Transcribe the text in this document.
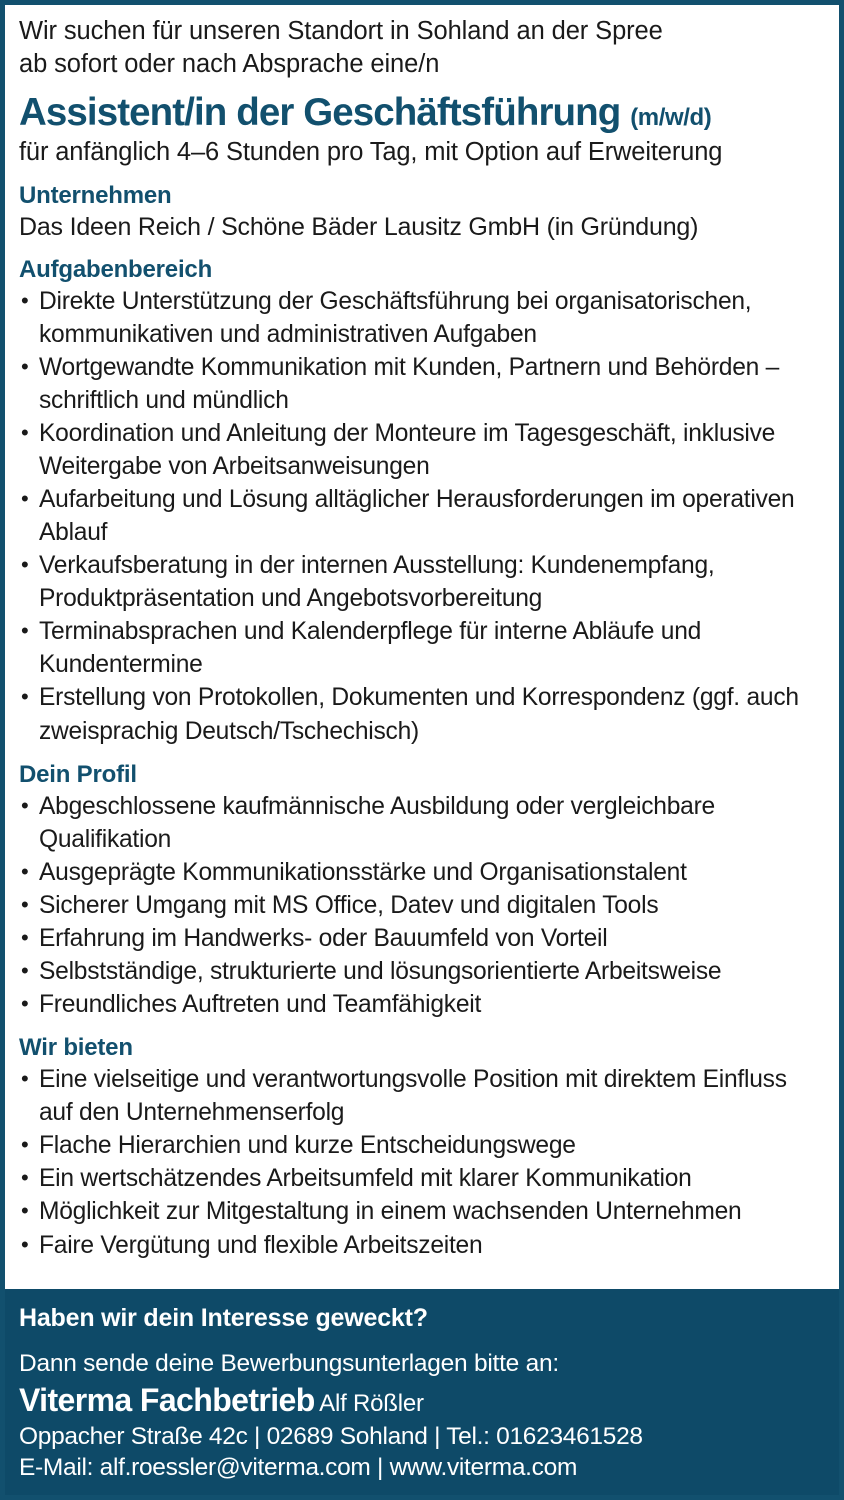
Wir suchen für unseren Standort in Sohland an der Spree
ab sofort oder nach Absprache eine/n
Assistent/in der Geschäftsführung (m/w/d)
für anfänglich 4–6 Stunden pro Tag, mit Option auf Erweiterung
Unternehmen
Das Ideen Reich / Schöne Bäder Lausitz GmbH (in Gründung)
Aufgabenbereich
• Direkte Unterstützung der Geschäftsführung bei organisatorischen, kommunikativen und administrativen Aufgaben
• Wortgewandte Kommunikation mit Kunden, Partnern und Behörden – schriftlich und mündlich
• Koordination und Anleitung der Monteure im Tagesgeschäft, inklusive Weitergabe von Arbeitsanweisungen
• Aufarbeitung und Lösung alltäglicher Herausforderungen im operativen Ablauf
• Verkaufsberatung in der internen Ausstellung: Kundenempfang, Produktpräsentation und Angebotsvorbereitung
• Terminabsprachen und Kalenderpflege für interne Abläufe und Kundentermine
• Erstellung von Protokollen, Dokumenten und Korrespondenz (ggf. auch zweisprachig Deutsch/Tschechisch)
Dein Profil
• Abgeschlossene kaufmännische Ausbildung oder vergleichbare Qualifikation
• Ausgeprägte Kommunikationsstärke und Organisationstalent
• Sicherer Umgang mit MS Office, Datev und digitalen Tools
• Erfahrung im Handwerks- oder Bauumfeld von Vorteil
• Selbstständige, strukturierte und lösungsorientierte Arbeitsweise
• Freundliches Auftreten und Teamfähigkeit
Wir bieten
• Eine vielseitige und verantwortungsvolle Position mit direktem Einfluss auf den Unternehmenserfolg
• Flache Hierarchien und kurze Entscheidungswege
• Ein wertschätzendes Arbeitsumfeld mit klarer Kommunikation
• Möglichkeit zur Mitgestaltung in einem wachsenden Unternehmen
• Faire Vergütung und flexible Arbeitszeiten
Haben wir dein Interesse geweckt?
Dann sende deine Bewerbungsunterlagen bitte an:
Viterma Fachbetrieb Alf Rößler
Oppacher Straße 42c | 02689 Sohland | Tel.: 01623461528
E-Mail: alf.roessler@viterma.com | www.viterma.com
